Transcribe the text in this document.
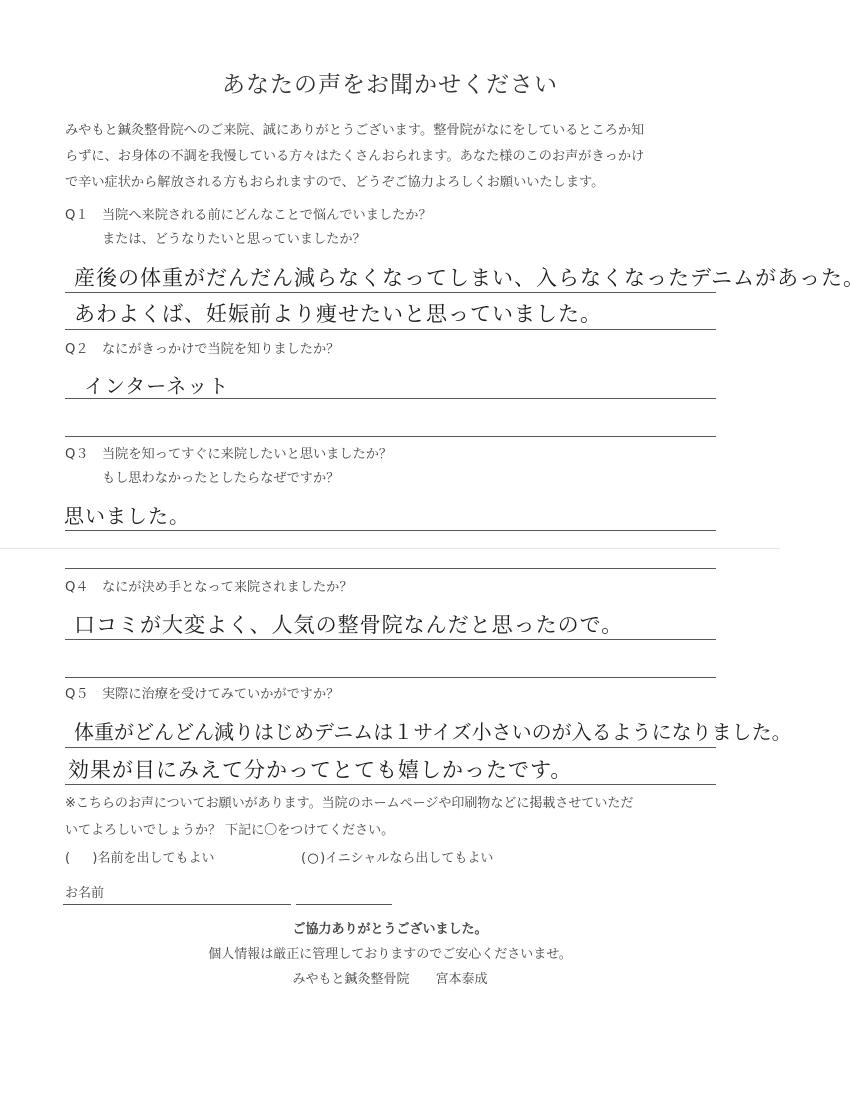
あなたの声をお聞かせください
みやもと鍼灸整骨院へのご来院、誠にありがとうございます。整骨院がなにをしているところか知
らずに、お身体の不調を我慢している方々はたくさんおられます。あなた様のこのお声がきっかけ
で辛い症状から解放される方もおられますので、どうぞご協力よろしくお願いいたします。
Q１ 当院へ来院される前にどんなことで悩んでいましたか？
または、どうなりたいと思っていましたか？
産後の体重がだんだん減らなくなってしまい、入らなくなったデニムがあった。
あわよくば、妊娠前より痩せたいと思っていました。
Q２ なにがきっかけで当院を知りましたか？
インターネット
Q３ 当院を知ってすぐに来院したいと思いましたか？
もし思わなかったとしたらなぜですか？
思いました。
Q４ なにが決め手となって来院されましたか？
口コミが大変よく、人気の整骨院なんだと思ったので。
Q５ 実際に治療を受けてみていかがですか？
体重がどんどん減りはじめデニムは１サイズ小さいのが入るようになりました。
効果が目にみえて分かってとても嬉しかったです。
※こちらのお声についてお願いがあります。当院のホームページや印刷物などに掲載させていただ
いてよろしいでしょうか？ 下記に〇をつけてください。
(  )名前を出してもよい	(○)イニシャルなら出してもよい
お名前
ご協力ありがとうございました。
個人情報は厳正に管理しておりますのでご安心くださいませ。
みやもと鍼灸整骨院　　宮本泰成
